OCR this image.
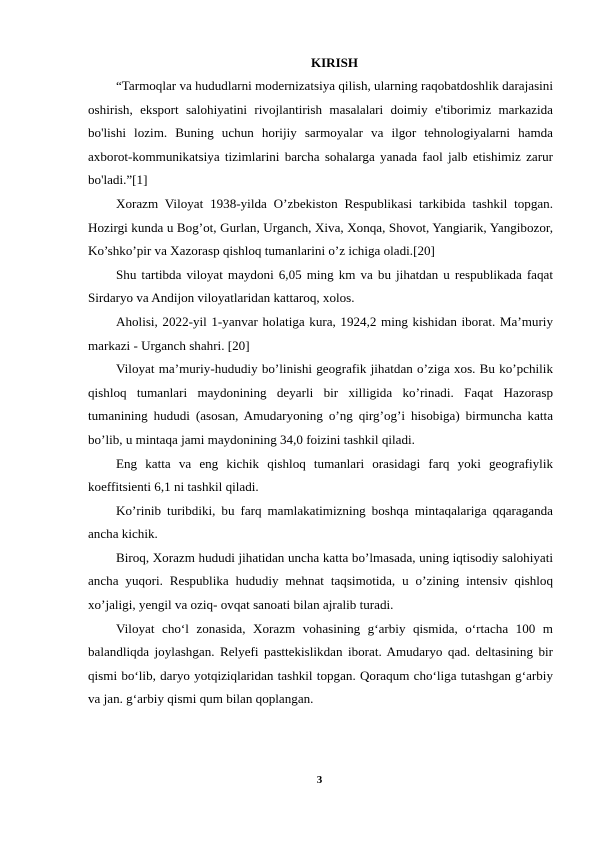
KIRISH

“Tarmoqlar va hududlarni modernizatsiya qilish, ularning raqobatdoshlik darajasini oshirish, eksport salohiyatini rivojlantirish masalalari doimiy e'tiborimiz markazida bo'lishi lozim. Buning uchun horijiy sarmoyalar va ilgor tehnologiyalarni hamda axborot-kommunikatsiya tizimlarini barcha sohalarga yanada faol jalb etishimiz zarur bo'ladi.”[1]

Xorazm Viloyat 1938-yilda O’zbekiston Respublikasi tarkibida tashkil topgan. Hozirgi kunda u Bog’ot, Gurlan, Urganch, Xiva, Xonqa, Shovot, Yangiarik, Yangibozor, Ko’shko’pir va Xazorasp qishloq tumanlarini o’z ichiga oladi.[20]

Shu tartibda viloyat maydoni 6,05 ming km va bu jihatdan u respublikada faqat Sirdaryo va Andijon viloyatlaridan kattaroq, xolos.

Aholisi, 2022-yil 1-yanvar holatiga kura, 1924,2 ming kishidan iborat. Ma’muriy markazi - Urganch shahri. [20]

Viloyat ma’muriy-hududiy bo’linishi geografik jihatdan o’ziga xos. Bu ko’pchilik qishloq tumanlari maydonining deyarli bir xilligida ko’rinadi. Faqat Hazorasp tumanining hududi (asosan, Amudaryoning o’ng qirg’og’i hisobiga) birmuncha katta bo’lib, u mintaqa jami maydonining 34,0 foizini tashkil qiladi.

Eng katta va eng kichik qishloq tumanlari orasidagi farq yoki geografiylik koeffitsienti 6,1 ni tashkil qiladi.

Ko’rinib turibdiki, bu farq mamlakatimizning boshqa mintaqalariga qqaraganda ancha kichik.

Biroq, Xorazm hududi jihatidan uncha katta bo’lmasada, uning iqtisodiy salohiyati ancha yuqori. Respublika hududiy mehnat taqsimotida, u o’zining intensiv qishloq xo’jaligi, yengil va oziq- ovqat sanoati bilan ajralib turadi.

Viloyat cho‘l zonasida, Xorazm vohasining g‘arbiy qismida, o‘rtacha 100 m balandliqda joylashgan. Relyefi pasttekislikdan iborat. Amudaryo qad. deltasining bir qismi bo‘lib, daryo yotqiziqlaridan tashkil topgan. Qoraqum cho‘liga tutashgan g‘arbiy va jan. g‘arbiy qismi qum bilan qoplangan.

3
